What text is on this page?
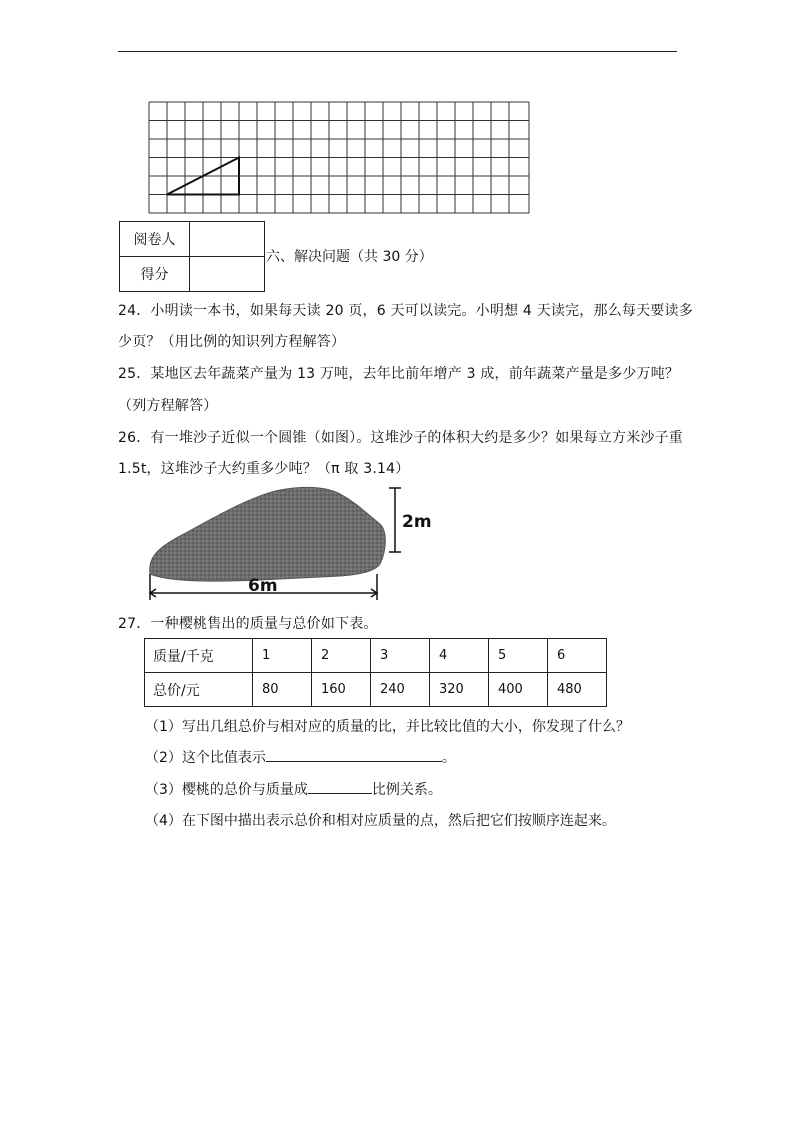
阅卷人	
得分	
六、解决问题（共 30 分）
24．小明读一本书，如果每天读 20 页，6 天可以读完。小明想 4 天读完，那么每天要读多
少页？（用比例的知识列方程解答）
25．某地区去年蔬菜产量为 13 万吨，去年比前年增产 3 成，前年蔬菜产量是多少万吨？
（列方程解答）
26．有一堆沙子近似一个圆锥（如图）。这堆沙子的体积大约是多少？如果每立方米沙子重
1.5t，这堆沙子大约重多少吨？（π 取 3.14）
2m
6m
27．一种樱桃售出的质量与总价如下表。
质量/千克	1	2	3	4	5	6
总价/元	80	160	240	320	400	480
（1）写出几组总价与相对应的质量的比，并比较比值的大小，你发现了什么？
（2）这个比值表示	。
（3）樱桃的总价与质量成	比例关系。
（4）在下图中描出表示总价和相对应质量的点，然后把它们按顺序连起来。
